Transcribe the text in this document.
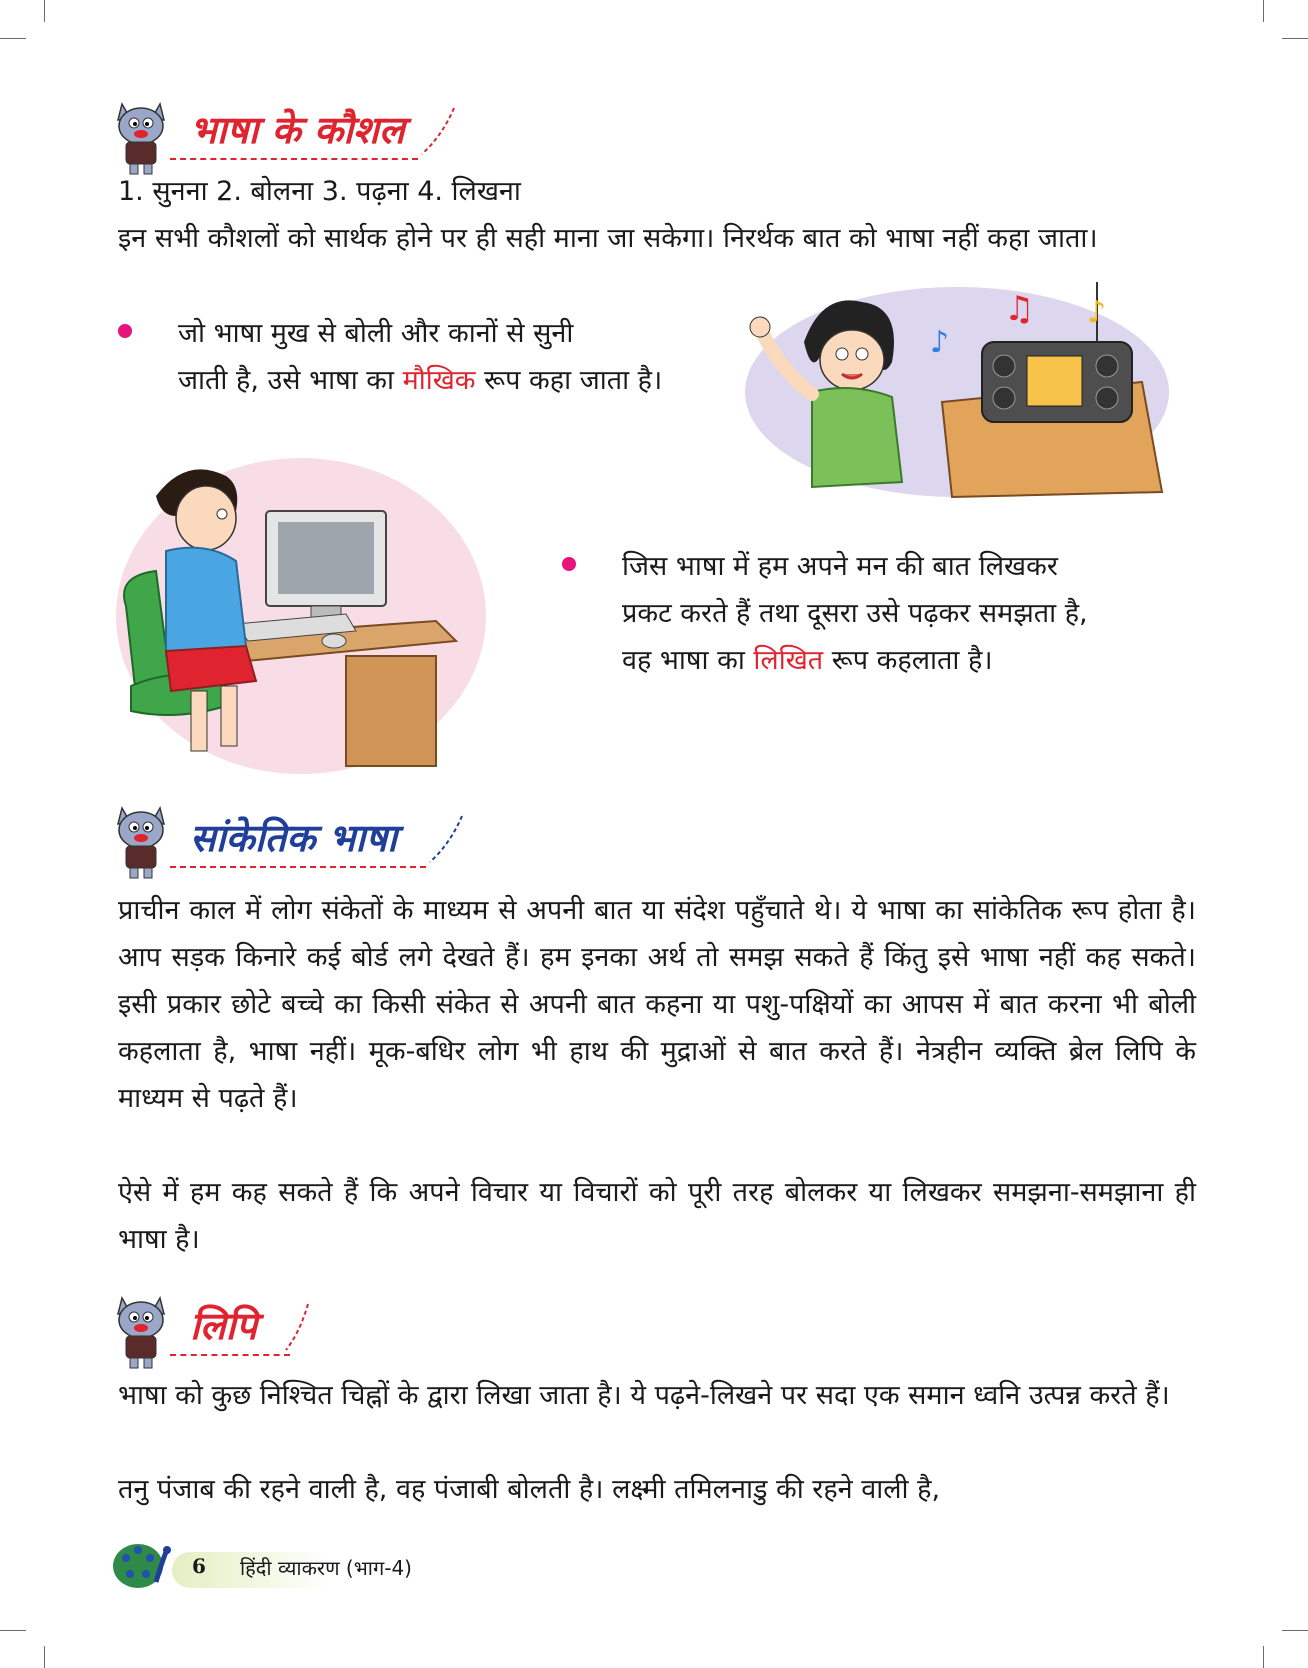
भाषा के कौशल

1. सुनना 2. बोलना 3. पढ़ना 4. लिखना

इन सभी कौशलों को सार्थक होने पर ही सही माना जा सकेगा। निरर्थक बात को भाषा नहीं कहा जाता।

जो भाषा मुख से बोली और कानों से सुनी
जाती है, उसे भाषा का मौखिक रूप कहा जाता है।
♫
♪
♪
जिस भाषा में हम अपने मन की बात लिखकर
प्रकट करते हैं तथा दूसरा उसे पढ़कर समझता है,
वह भाषा का लिखित रूप कहलाता है।
सांकेतिक भाषा

प्राचीन काल में लोग संकेतों के माध्यम से अपनी बात या संदेश पहुँचाते थे। ये भाषा का सांकेतिक रूप होता है। आप सड़क किनारे कई बोर्ड लगे देखते हैं। हम इनका अर्थ तो समझ सकते हैं किंतु इसे भाषा नहीं कह सकते। इसी प्रकार छोटे बच्चे का किसी संकेत से अपनी बात कहना या पशु-पक्षियों का आपस में बात करना भी बोली कहलाता है, भाषा नहीं। मूक-बधिर लोग भी हाथ की मुद्राओं से बात करते हैं। नेत्रहीन व्यक्ति ब्रेल लिपि के माध्यम से पढ़ते हैं।

ऐसे में हम कह सकते हैं कि अपने विचार या विचारों को पूरी तरह बोलकर या लिखकर समझना-समझाना ही भाषा है।

लिपि

भाषा को कुछ निश्चित चिह्नों के द्वारा लिखा जाता है। ये पढ़ने-लिखने पर सदा एक समान ध्वनि उत्पन्न करते हैं।

तनु पंजाब की रहने वाली है, वह पंजाबी बोलती है। लक्ष्मी तमिलनाडु की रहने वाली है,

6 हिंदी व्याकरण (भाग-4)
